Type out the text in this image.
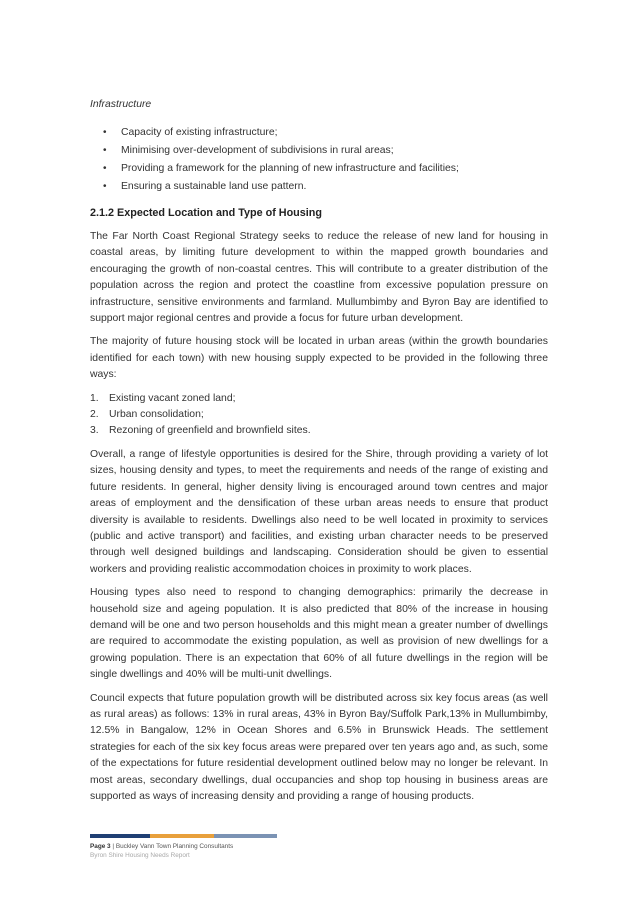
Infrastructure
• Capacity of existing infrastructure;
• Minimising over-development of subdivisions in rural areas;
• Providing a framework for the planning of new infrastructure and facilities;
• Ensuring a sustainable land use pattern.
2.1.2 Expected Location and Type of Housing

The Far North Coast Regional Strategy seeks to reduce the release of new land for housing in coastal areas, by limiting future development to within the mapped growth boundaries and encouraging the growth of non-coastal centres. This will contribute to a greater distribution of the population across the region and protect the coastline from excessive population pressure on infrastructure, sensitive environments and farmland. Mullumbimby and Byron Bay are identified to support major regional centres and provide a focus for future urban development.

The majority of future housing stock will be located in urban areas (within the growth boundaries identified for each town) with new housing supply expected to be provided in the following three ways:

1. Existing vacant zoned land;
2. Urban consolidation;
3. Rezoning of greenfield and brownfield sites.

Overall, a range of lifestyle opportunities is desired for the Shire, through providing a variety of lot sizes, housing density and types, to meet the requirements and needs of the range of existing and future residents. In general, higher density living is encouraged around town centres and major areas of employment and the densification of these urban areas needs to ensure that product diversity is available to residents. Dwellings also need to be well located in proximity to services (public and active transport) and facilities, and existing urban character needs to be preserved through well designed buildings and landscaping. Consideration should be given to essential workers and providing realistic accommodation choices in proximity to work places.

Housing types also need to respond to changing demographics: primarily the decrease in household size and ageing population. It is also predicted that 80% of the increase in housing demand will be one and two person households and this might mean a greater number of dwellings are required to accommodate the existing population, as well as provision of new dwellings for a growing population. There is an expectation that 60% of all future dwellings in the region will be single dwellings and 40% will be multi-unit dwellings.

Council expects that future population growth will be distributed across six key focus areas (as well as rural areas) as follows: 13% in rural areas, 43% in Byron Bay/Suffolk Park,13% in Mullumbimby, 12.5% in Bangalow, 12% in Ocean Shores and 6.5% in Brunswick Heads. The settlement strategies for each of the six key focus areas were prepared over ten years ago and, as such, some of the expectations for future residential development outlined below may no longer be relevant. In most areas, secondary dwellings, dual occupancies and shop top housing in business areas are supported as ways of increasing density and providing a range of housing products.

Page 3 | Buckley Vann Town Planning Consultants
Byron Shire Housing Needs Report
